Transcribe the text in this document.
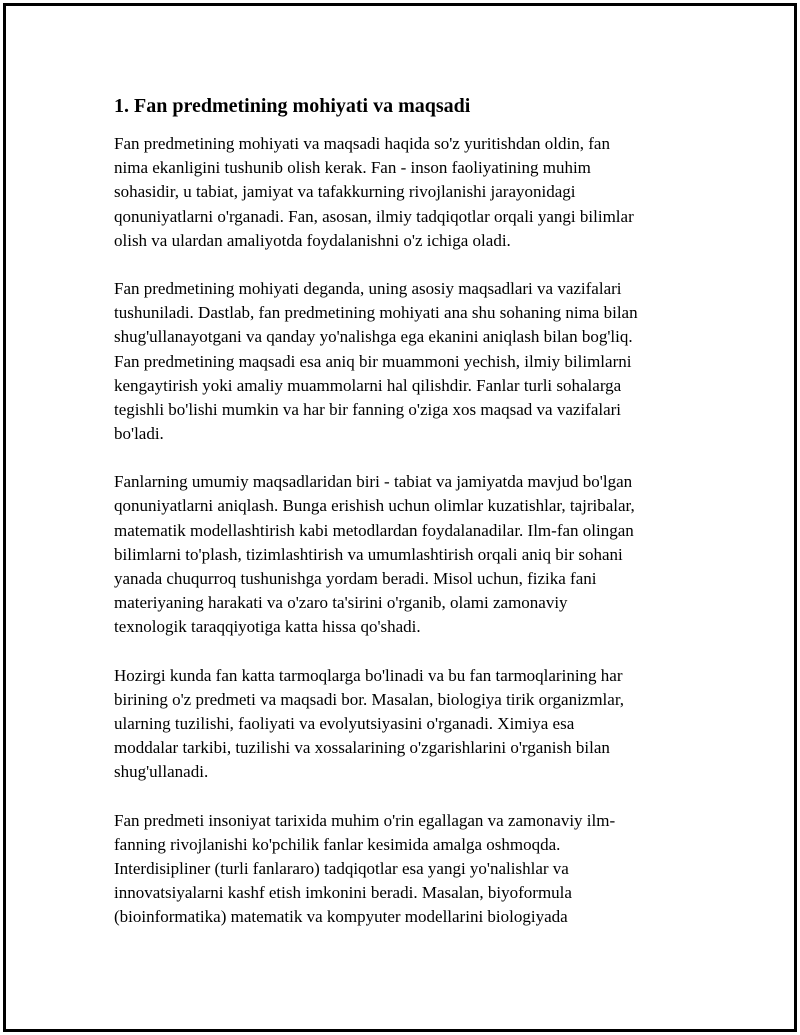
1. Fan predmetining mohiyati va maqsadi
Fan predmetining mohiyati va maqsadi haqida so'z yuritishdan oldin, fan
nima ekanligini tushunib olish kerak. Fan - inson faoliyatining muhim
sohasidir, u tabiat, jamiyat va tafakkurning rivojlanishi jarayonidagi
qonuniyatlarni o'rganadi. Fan, asosan, ilmiy tadqiqotlar orqali yangi bilimlar
olish va ulardan amaliyotda foydalanishni o'z ichiga oladi.
Fan predmetining mohiyati deganda, uning asosiy maqsadlari va vazifalari
tushuniladi. Dastlab, fan predmetining mohiyati ana shu sohaning nima bilan
shug'ullanayotgani va qanday yo'nalishga ega ekanini aniqlash bilan bog'liq.
Fan predmetining maqsadi esa aniq bir muammoni yechish, ilmiy bilimlarni
kengaytirish yoki amaliy muammolarni hal qilishdir. Fanlar turli sohalarga
tegishli bo'lishi mumkin va har bir fanning o'ziga xos maqsad va vazifalari
bo'ladi.
Fanlarning umumiy maqsadlaridan biri - tabiat va jamiyatda mavjud bo'lgan
qonuniyatlarni aniqlash. Bunga erishish uchun olimlar kuzatishlar, tajribalar,
matematik modellashtirish kabi metodlardan foydalanadilar. Ilm-fan olingan
bilimlarni to'plash, tizimlashtirish va umumlashtirish orqali aniq bir sohani
yanada chuqurroq tushunishga yordam beradi. Misol uchun, fizika fani
materiyaning harakati va o'zaro ta'sirini o'rganib, olami zamonaviy
texnologik taraqqiyotiga katta hissa qo'shadi.
Hozirgi kunda fan katta tarmoqlarga bo'linadi va bu fan tarmoqlarining har
birining o'z predmeti va maqsadi bor. Masalan, biologiya tirik organizmlar,
ularning tuzilishi, faoliyati va evolyutsiyasini o'rganadi. Ximiya esa
moddalar tarkibi, tuzilishi va xossalarining o'zgarishlarini o'rganish bilan
shug'ullanadi.
Fan predmeti insoniyat tarixida muhim o'rin egallagan va zamonaviy ilm-
fanning rivojlanishi ko'pchilik fanlar kesimida amalga oshmoqda.
Interdisipliner (turli fanlararo) tadqiqotlar esa yangi yo'nalishlar va
innovatsiyalarni kashf etish imkonini beradi. Masalan, biyoformula
(bioinformatika) matematik va kompyuter modellarini biologiyada
